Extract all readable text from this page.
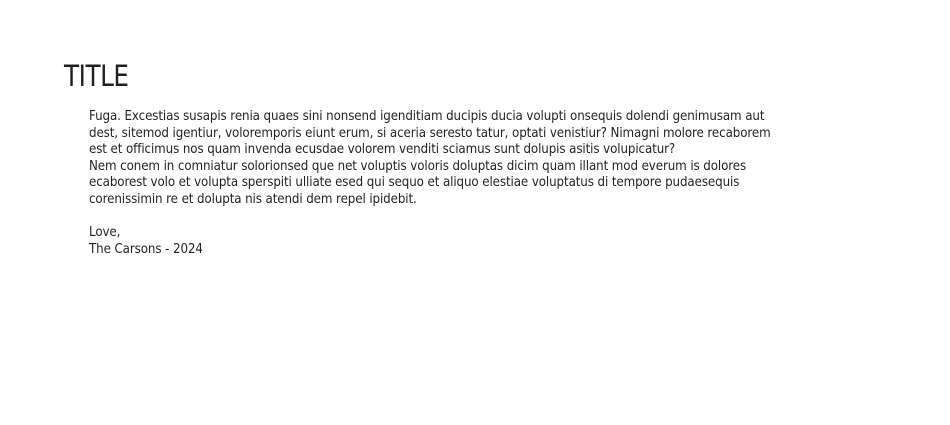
TITLE
Fuga. Excestias susapis renia quaes sini nonsend igenditiam ducipis ducia volupti onsequis dolendi genimusam aut
dest, sitemod igentiur, voloremporis eiunt erum, si aceria seresto tatur, optati venistiur? Nimagni molore recaborem
est et officimus nos quam invenda ecusdae volorem venditi sciamus sunt dolupis asitis volupicatur?
Nem conem in comniatur solorionsed que net voluptis voloris doluptas dicim quam illant mod everum is dolores
ecaborest volo et volupta sperspiti ulliate esed qui sequo et aliquo elestiae voluptatus di tempore pudaesequis
corenissimin re et dolupta nis atendi dem repel ipidebit.
Love,
The Carsons - 2024
